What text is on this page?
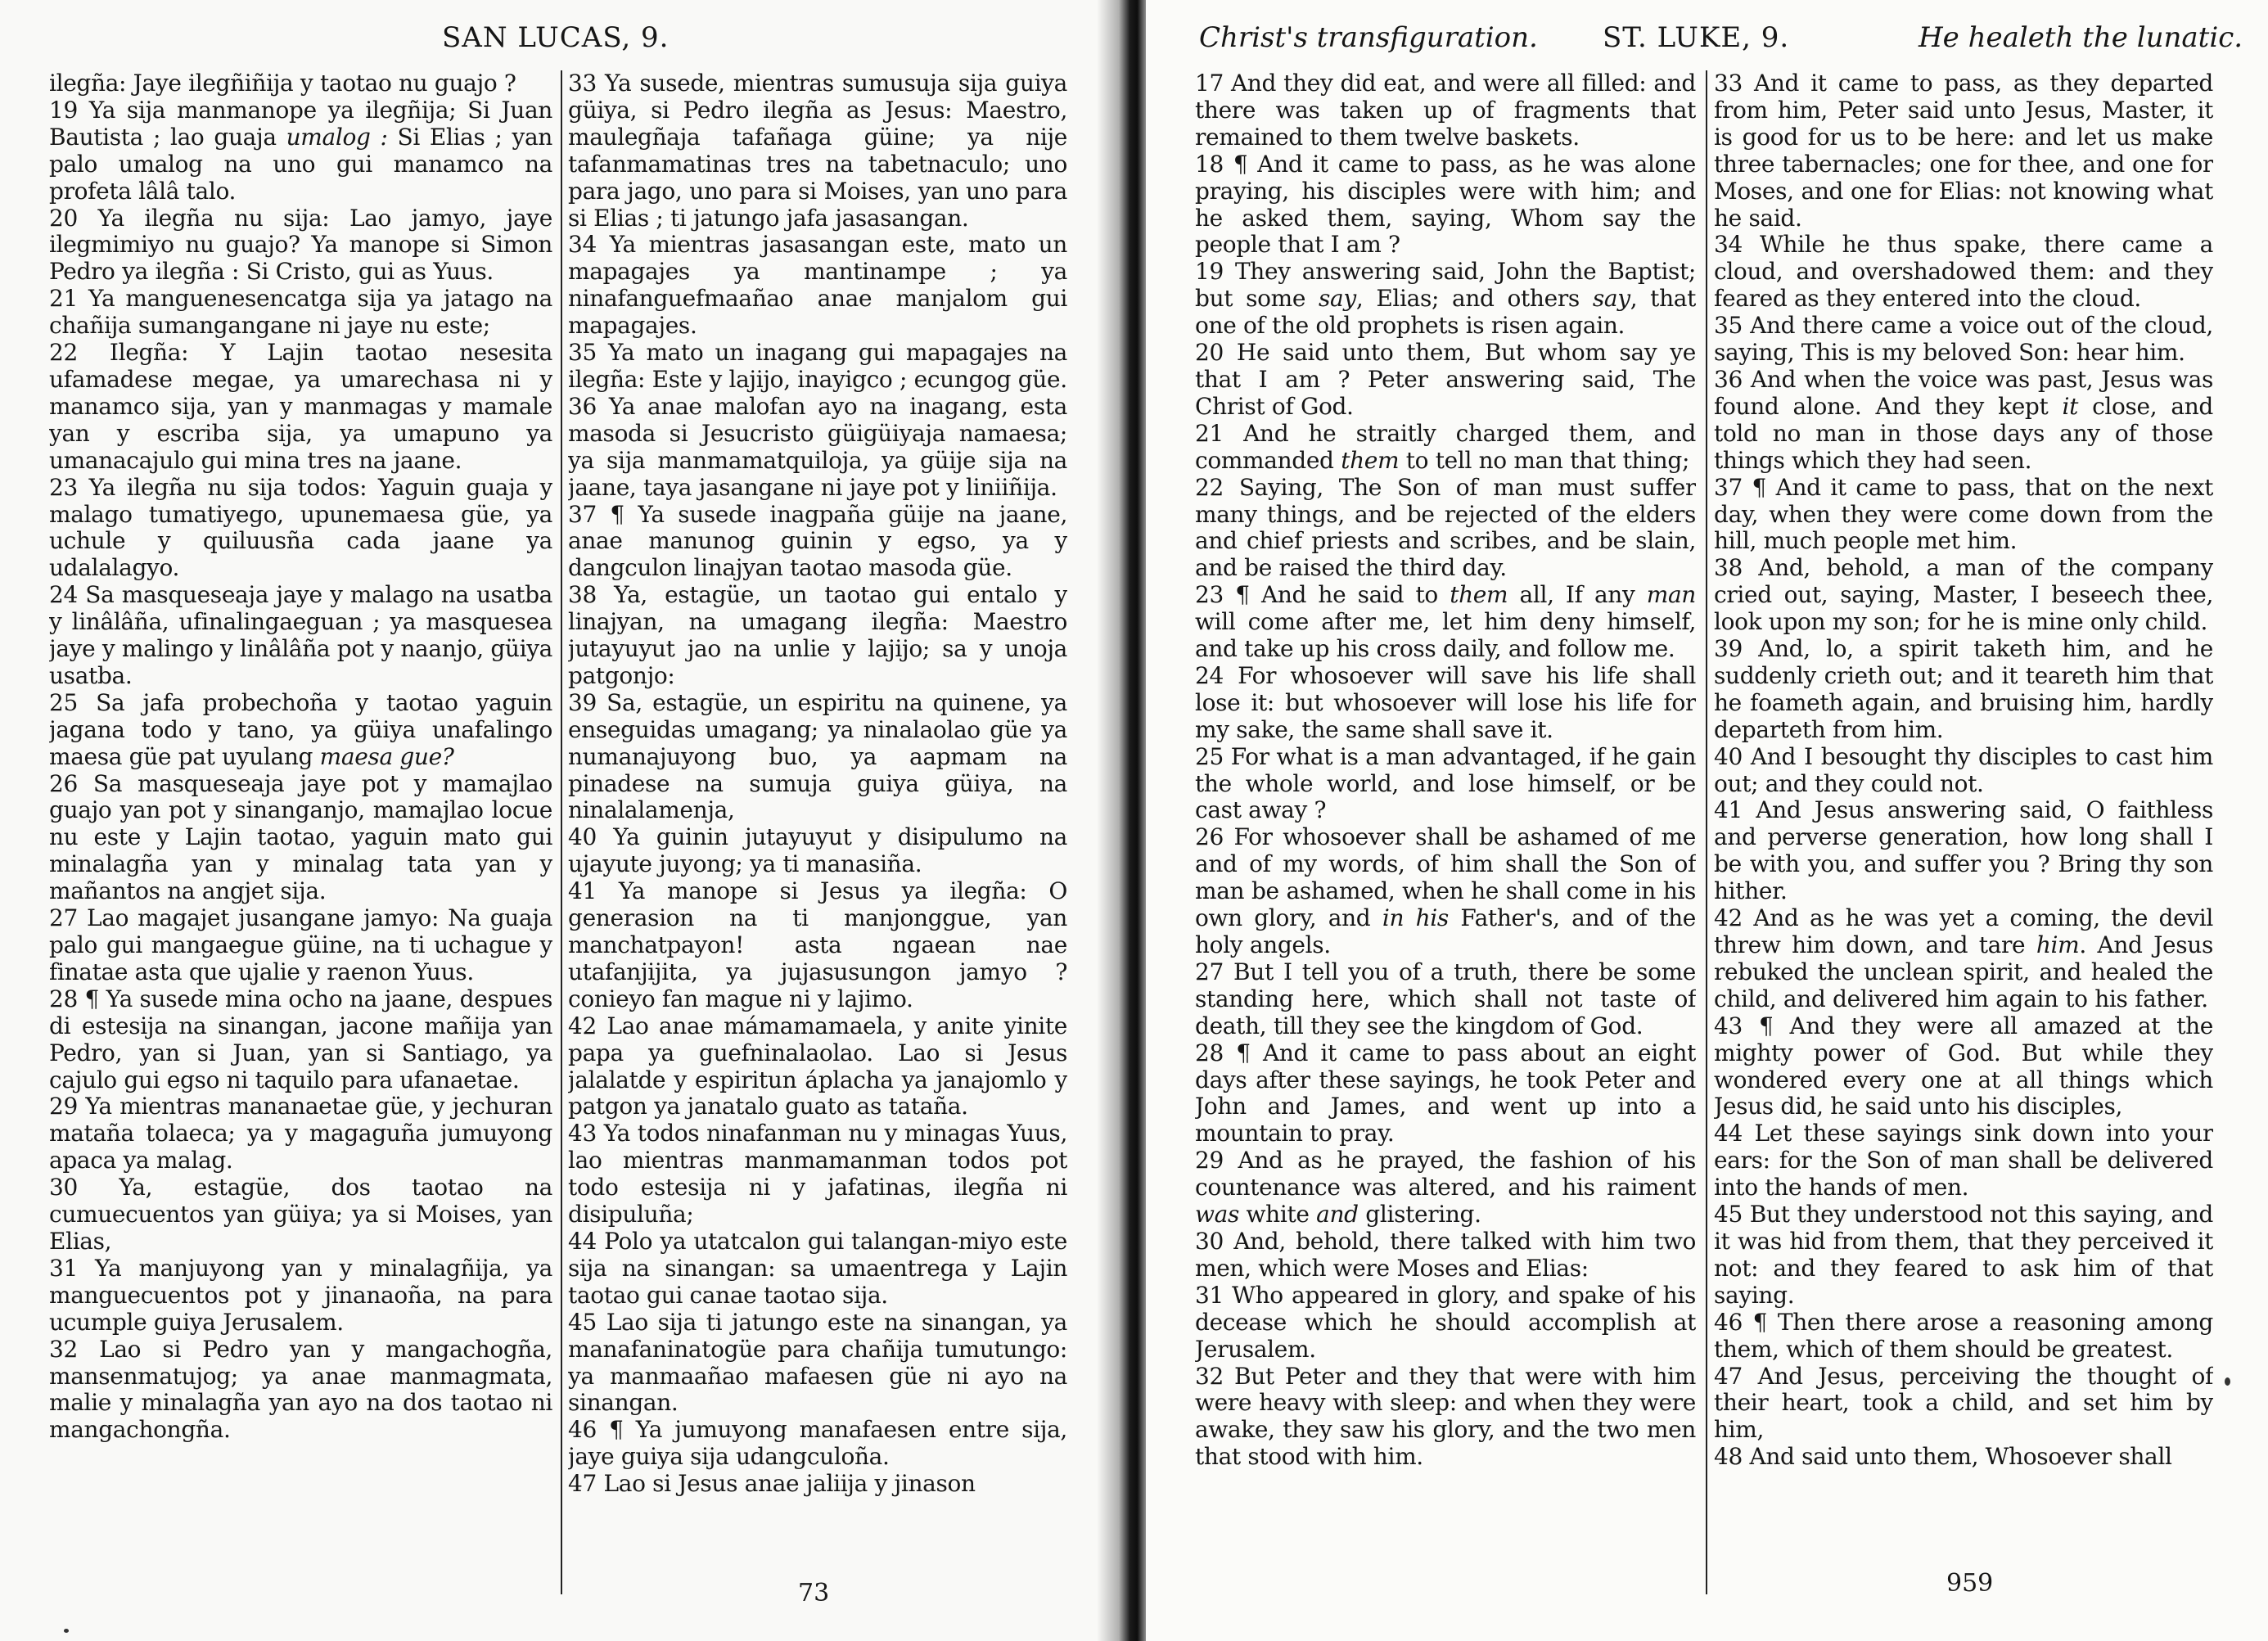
SAN LUCAS, 9.

ilegña: Jaye ilegñiñija y taotao nu guajo ?

19 Ya sija manmanope ya ilegñija; Si Juan Bautista ; lao guaja umalog : Si Elias ; yan palo umalog na uno gui manamco na profeta lâlâ talo.

20 Ya ilegña nu sija: Lao jamyo, jaye ilegmimiyo nu guajo? Ya manope si Simon Pedro ya ilegña : Si Cristo, gui as Yuus.

21 Ya manguenesencatga sija ya jatago na chañija sumangangane ni jaye nu este;

22 Ilegña: Y Lajin taotao nesesita ufamadese megae, ya umarechasa ni y manamco sija, yan y manmagas y mamale yan y escriba sija, ya umapuno ya umanacajulo gui mina tres na jaane.

23 Ya ilegña nu sija todos: Yaguin guaja y malago tumatiyego, upunemaesa güe, ya uchule y quiluusña cada jaane ya udalalagyo.

24 Sa masqueseaja jaye y malago na usatba y linâlâña, ufinalingaeguan ; ya masquesea jaye y malingo y linâlâña pot y naanjo, güiya usatba.

25 Sa jafa probechoña y taotao yaguin jagana todo y tano, ya güiya unafalingo maesa güe pat uyulang maesa gue?

26 Sa masqueseaja jaye pot y mamajlao guajo yan pot y sinanganjo, mamajlao locue nu este y Lajin taotao, yaguin mato gui minalagña yan y minalag tata yan y mañantos na angjet sija.

27 Lao magajet jusangane jamyo: Na guaja palo gui mangaegue güine, na ti uchague y finatae asta que ujalie y raenon Yuus.

28 ¶ Ya susede mina ocho na jaane, despues di estesija na sinangan, jacone mañija yan Pedro, yan si Juan, yan si Santiago, ya cajulo gui egso ni taquilo para ufanaetae.

29 Ya mientras mananaetae güe, y jechuran mataña tolaeca; ya y magaguña jumuyong apaca ya malag.

30 Ya, estagüe, dos taotao na cumuecuentos yan güiya; ya si Moises, yan Elias,

31 Ya manjuyong yan y minalagñija, ya manguecuentos pot y jinanaoña, na para ucumple guiya Jerusalem.

32 Lao si Pedro yan y mangachogña, mansenmatujog; ya anae manmagmata, malie y minalagña yan ayo na dos taotao ni mangachongña.

33 Ya susede, mientras sumusuja sija guiya güiya, si Pedro ilegña as Jesus: Maestro, maulegñaja tafañaga güine; ya nije tafanmamatinas tres na tabetnaculo; uno para jago, uno para si Moises, yan uno para si Elias ; ti jatungo jafa jasasangan.

34 Ya mientras jasasangan este, mato un mapagajes ya mantinampe ; ya ninafanguefmaañao anae manjalom gui mapagajes.

35 Ya mato un inagang gui mapagajes na ilegña: Este y lajijo, inayigco ; ecungog güe.

36 Ya anae malofan ayo na inagang, esta masoda si Jesucristo güigüiyaja namaesa; ya sija manmamatquiloja, ya güije sija na jaane, taya jasangane ni jaye pot y liniiñija.

37 ¶ Ya susede inagpaña güije na jaane, anae manunog guinin y egso, ya y dangculon linajyan taotao masoda güe.

38 Ya, estagüe, un taotao gui entalo y linajyan, na umagang ilegña: Maestro jutayuyut jao na unlie y lajijo; sa y unoja patgonjo:

39 Sa, estagüe, un espiritu na quinene, ya enseguidas umagang; ya ninalaolao güe ya numanajuyong buo, ya aapmam na pinadese na sumuja guiya güiya, na ninalalamenja,

40 Ya guinin jutayuyut y disipulumo na ujayute juyong; ya ti manasiña.

41 Ya manope si Jesus ya ilegña: O generasion na ti manjonggue, yan manchatpayon! asta ngaean nae utafanjijita, ya jujasusungon jamyo ? conieyo fan mague ni y lajimo.

42 Lao anae mámamamaela, y anite yinite papa ya guefninalaolao. Lao si Jesus jalalatde y espiritun áplacha ya janajomlo y patgon ya janatalo guato as tataña.

43 Ya todos ninafanman nu y minagas Yuus, lao mientras manmamanman todos pot todo estesija ni y jafatinas, ilegña ni disipuluña;

44 Polo ya utatcalon gui talangan-miyo este sija na sinangan: sa umaentrega y Lajin taotao gui canae taotao sija.

45 Lao sija ti jatungo este na sinangan, ya manafaninatogüe para chañija tumutungo: ya manmaañao mafaesen güe ni ayo na sinangan.

46 ¶ Ya jumuyong manafaesen entre sija, jaye guiya sija udangculoña.

47 Lao si Jesus anae jaliija y jinason

73
Christ's transfiguration. ST. LUKE, 9.	He healeth the lunatic.

17 And they did eat, and were all filled: and there was taken up of fragments that remained to them twelve baskets.

18 ¶ And it came to pass, as he was alone praying, his disciples were with him; and he asked them, saying, Whom say the people that I am ?

19 They answering said, John the Baptist; but some say, Elias; and others say, that one of the old prophets is risen again.

20 He said unto them, But whom say ye that I am ? Peter answering said, The Christ of God.

21 And he straitly charged them, and commanded them to tell no man that thing;

22 Saying, The Son of man must suffer many things, and be rejected of the elders and chief priests and scribes, and be slain, and be raised the third day.

23 ¶ And he said to them all, If any man will come after me, let him deny himself, and take up his cross daily, and follow me.

24 For whosoever will save his life shall lose it: but whosoever will lose his life for my sake, the same shall save it.

25 For what is a man advantaged, if he gain the whole world, and lose himself, or be cast away ?

26 For whosoever shall be ashamed of me and of my words, of him shall the Son of man be ashamed, when he shall come in his own glory, and in his Father's, and of the holy angels.

27 But I tell you of a truth, there be some standing here, which shall not taste of death, till they see the kingdom of God.

28 ¶ And it came to pass about an eight days after these sayings, he took Peter and John and James, and went up into a mountain to pray.

29 And as he prayed, the fashion of his countenance was altered, and his raiment was white and glistering.

30 And, behold, there talked with him two men, which were Moses and Elias:

31 Who appeared in glory, and spake of his decease which he should accomplish at Jerusalem.

32 But Peter and they that were with him were heavy with sleep: and when they were awake, they saw his glory, and the two men that stood with him.

33 And it came to pass, as they departed from him, Peter said unto Jesus, Master, it is good for us to be here: and let us make three tabernacles; one for thee, and one for Moses, and one for Elias: not knowing what he said.

34 While he thus spake, there came a cloud, and overshadowed them: and they feared as they entered into the cloud.

35 And there came a voice out of the cloud, saying, This is my beloved Son: hear him.

36 And when the voice was past, Jesus was found alone. And they kept it close, and told no man in those days any of those things which they had seen.

37 ¶ And it came to pass, that on the next day, when they were come down from the hill, much people met him.

38 And, behold, a man of the company cried out, saying, Master, I beseech thee, look upon my son; for he is mine only child.

39 And, lo, a spirit taketh him, and he suddenly crieth out; and it teareth him that he foameth again, and bruising him, hardly departeth from him.

40 And I besought thy disciples to cast him out; and they could not.

41 And Jesus answering said, O faithless and perverse generation, how long shall I be with you, and suffer you ? Bring thy son hither.

42 And as he was yet a coming, the devil threw him down, and tare him. And Jesus rebuked the unclean spirit, and healed the child, and delivered him again to his father.

43 ¶ And they were all amazed at the mighty power of God. But while they wondered every one at all things which Jesus did, he said unto his disciples,

44 Let these sayings sink down into your ears: for the Son of man shall be delivered into the hands of men.

45 But they understood not this saying, and it was hid from them, that they perceived it not: and they feared to ask him of that saying.

46 ¶ Then there arose a reasoning among them, which of them should be greatest.

47 And Jesus, perceiving the thought of their heart, took a child, and set him by him,

48 And said unto them, Whosoever shall

959
